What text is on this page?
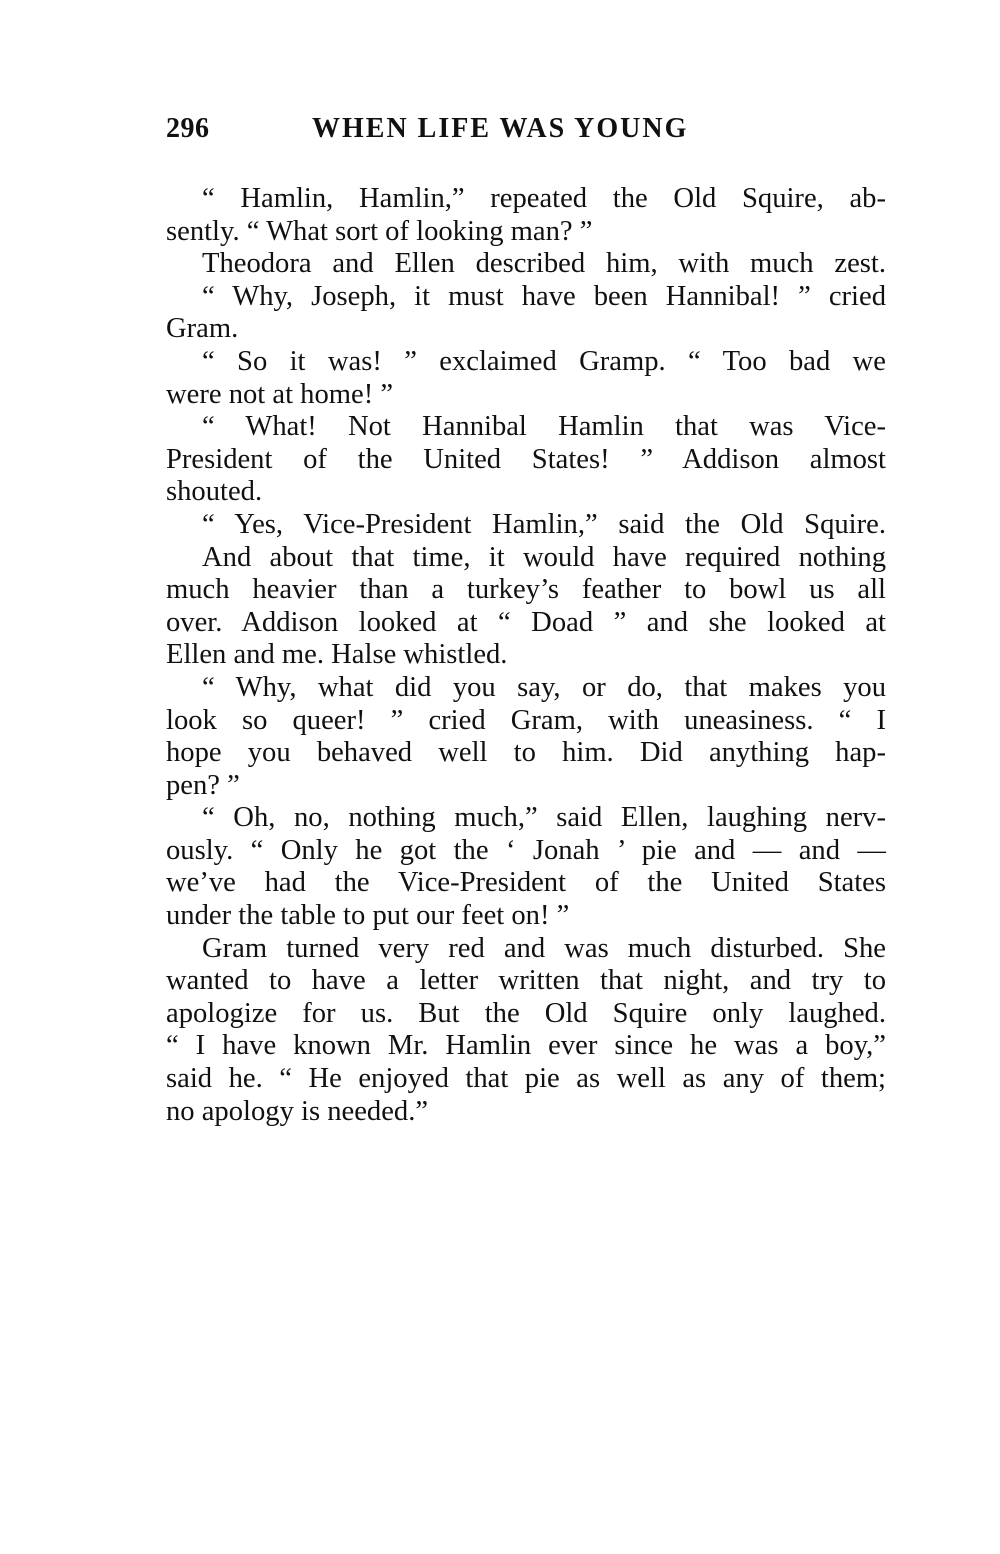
296	WHEN LIFE WAS YOUNG
“ Hamlin, Hamlin,” repeated the Old Squire, ab-
sently. “ What sort of looking man? ”
Theodora and Ellen described him, with much zest.
“ Why, Joseph, it must have been Hannibal! ” cried
Gram.
“ So it was! ” exclaimed Gramp. “ Too bad we
were not at home! ”
“ What! Not Hannibal Hamlin that was Vice-
President of the United States! ” Addison almost
shouted.
“ Yes, Vice-President Hamlin,” said the Old Squire.
And about that time, it would have required nothing
much heavier than a turkey’s feather to bowl us all
over. Addison looked at “ Doad ” and she looked at
Ellen and me. Halse whistled.
“ Why, what did you say, or do, that makes you
look so queer! ” cried Gram, with uneasiness. “ I
hope you behaved well to him. Did anything hap-
pen? ”
“ Oh, no, nothing much,” said Ellen, laughing nerv-
ously. “ Only he got the ‘ Jonah ’ pie and — and —
we’ve had the Vice-President of the United States
under the table to put our feet on! ”
Gram turned very red and was much disturbed. She
wanted to have a letter written that night, and try to
apologize for us. But the Old Squire only laughed.
“ I have known Mr. Hamlin ever since he was a boy,”
said he. “ He enjoyed that pie as well as any of them;
no apology is needed.”
